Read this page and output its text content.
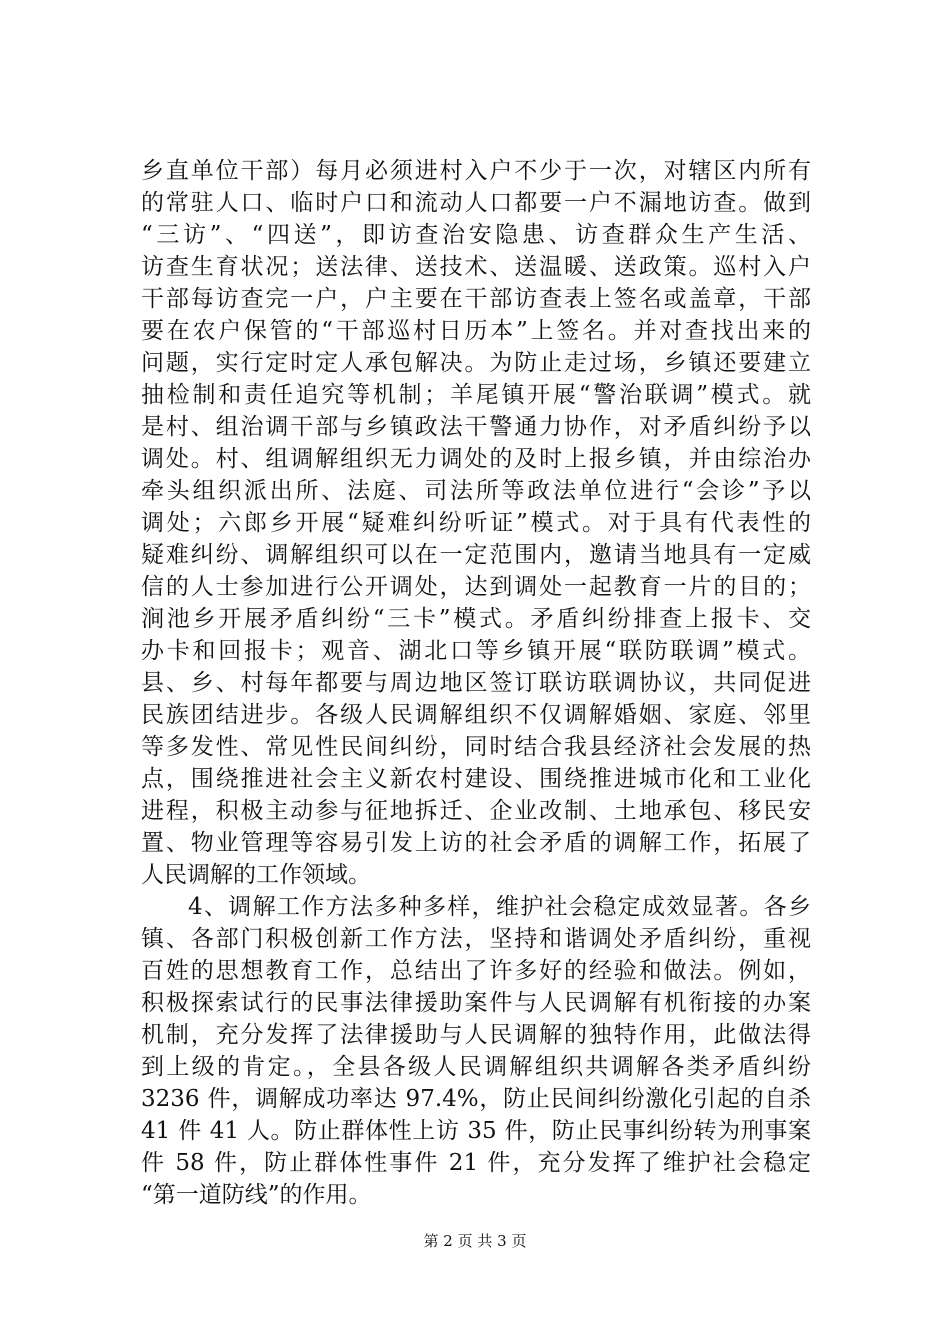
乡直单位干部）每月必须进村入户不少于一次，对辖区内所有
的常驻人口、临时户口和流动人口都要一户不漏地访查。做到
“三访”、“四送”，即访查治安隐患、访查群众生产生活、
访查生育状况；送法律、送技术、送温暖、送政策。巡村入户
干部每访查完一户，户主要在干部访查表上签名或盖章，干部
要在农户保管的“干部巡村日历本”上签名。并对查找出来的
问题，实行定时定人承包解决。为防止走过场，乡镇还要建立
抽检制和责任追究等机制；羊尾镇开展“警治联调”模式。就
是村、组治调干部与乡镇政法干警通力协作，对矛盾纠纷予以
调处。村、组调解组织无力调处的及时上报乡镇，并由综治办
牵头组织派出所、法庭、司法所等政法单位进行“会诊”予以
调处；六郎乡开展“疑难纠纷听证”模式。对于具有代表性的
疑难纠纷、调解组织可以在一定范围内，邀请当地具有一定威
信的人士参加进行公开调处，达到调处一起教育一片的目的；
涧池乡开展矛盾纠纷“三卡”模式。矛盾纠纷排查上报卡、交
办卡和回报卡；观音、湖北口等乡镇开展“联防联调”模式。
县、乡、村每年都要与周边地区签订联访联调协议，共同促进
民族团结进步。各级人民调解组织不仅调解婚姻、家庭、邻里
等多发性、常见性民间纠纷，同时结合我县经济社会发展的热
点，围绕推进社会主义新农村建设、围绕推进城市化和工业化
进程，积极主动参与征地拆迁、企业改制、土地承包、移民安
置、物业管理等容易引发上访的社会矛盾的调解工作，拓展了
人民调解的工作领域。
4、调解工作方法多种多样，维护社会稳定成效显著。各乡
镇、各部门积极创新工作方法，坚持和谐调处矛盾纠纷，重视
百姓的思想教育工作，总结出了许多好的经验和做法。例如，
积极探索试行的民事法律援助案件与人民调解有机衔接的办案
机制，充分发挥了法律援助与人民调解的独特作用，此做法得
到上级的肯定。，全县各级人民调解组织共调解各类矛盾纠纷
3236 件，调解成功率达 97.4%，防止民间纠纷激化引起的自杀
41 件 41 人。防止群体性上访 35 件，防止民事纠纷转为刑事案
件 58 件，防止群体性事件 21 件，充分发挥了维护社会稳定
“第一道防线”的作用。
第 2 页 共 3 页
